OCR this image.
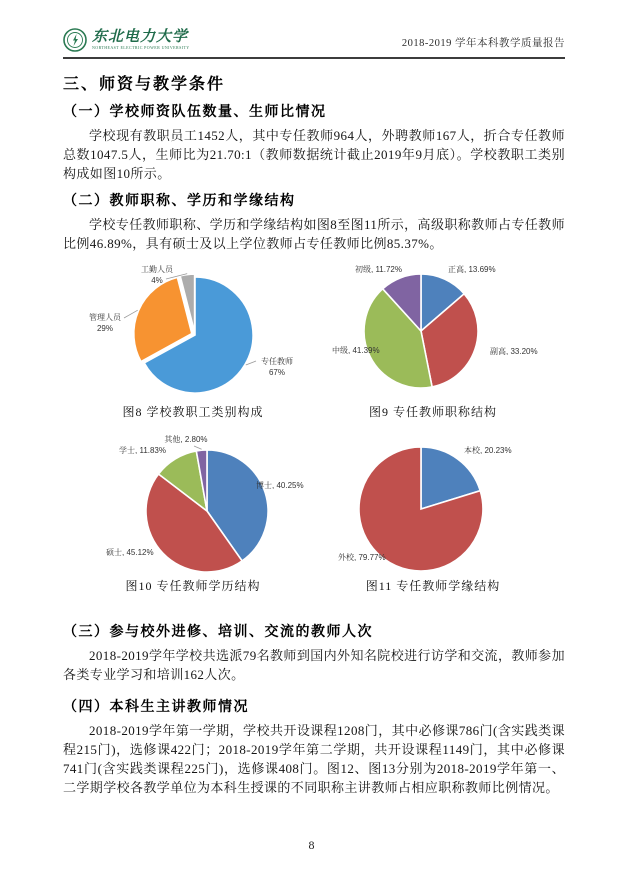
东北电力大学
NORTHEAST ELECTRIC POWER UNIVERSITY	2018-2019 学年本科教学质量报告
三、师资与教学条件
（一）学校师资队伍数量、生师比情况

学校现有教职员工1452人，其中专任教师964人，外聘教师167人，折合专任教师总数1047.5人，生师比为21.70:1（教师数据统计截止2019年9月底）。学校教职工类别构成如图10所示。

（二）教师职称、学历和学缘结构

学校专任教师职称、学历和学缘结构如图8至图11所示，高级职称教师占专任教师比例46.89%，具有硕士及以上学位教师占专任教师比例85.37%。

专任教师 67%
管理人员 29%
工勤人员 4%
图8 学校教职工类别构成
正高, 13.69%
副高, 33.20%
中级, 41.39%
初级, 11.72%
图9 专任教师职称结构
博士, 40.25%
硕士, 45.12%
学士, 11.83%
其他, 2.80%
图10 专任教师学历结构
本校, 20.23%
外校, 79.77%
图11 专任教师学缘结构
（三）参与校外进修、培训、交流的教师人次

2018-2019学年学校共选派79名教师到国内外知名院校进行访学和交流，教师参加各类专业学习和培训162人次。

（四）本科生主讲教师情况

2018-2019学年第一学期，学校共开设课程1208门，其中必修课786门(含实践类课程215门)，选修课422门；2018-2019学年第二学期，共开设课程1149门，其中必修课741门(含实践类课程225门)，选修课408门。图12、图13分别为2018-2019学年第一、二学期学校各教学单位为本科生授课的不同职称主讲教师占相应职称教师比例情况。

8
